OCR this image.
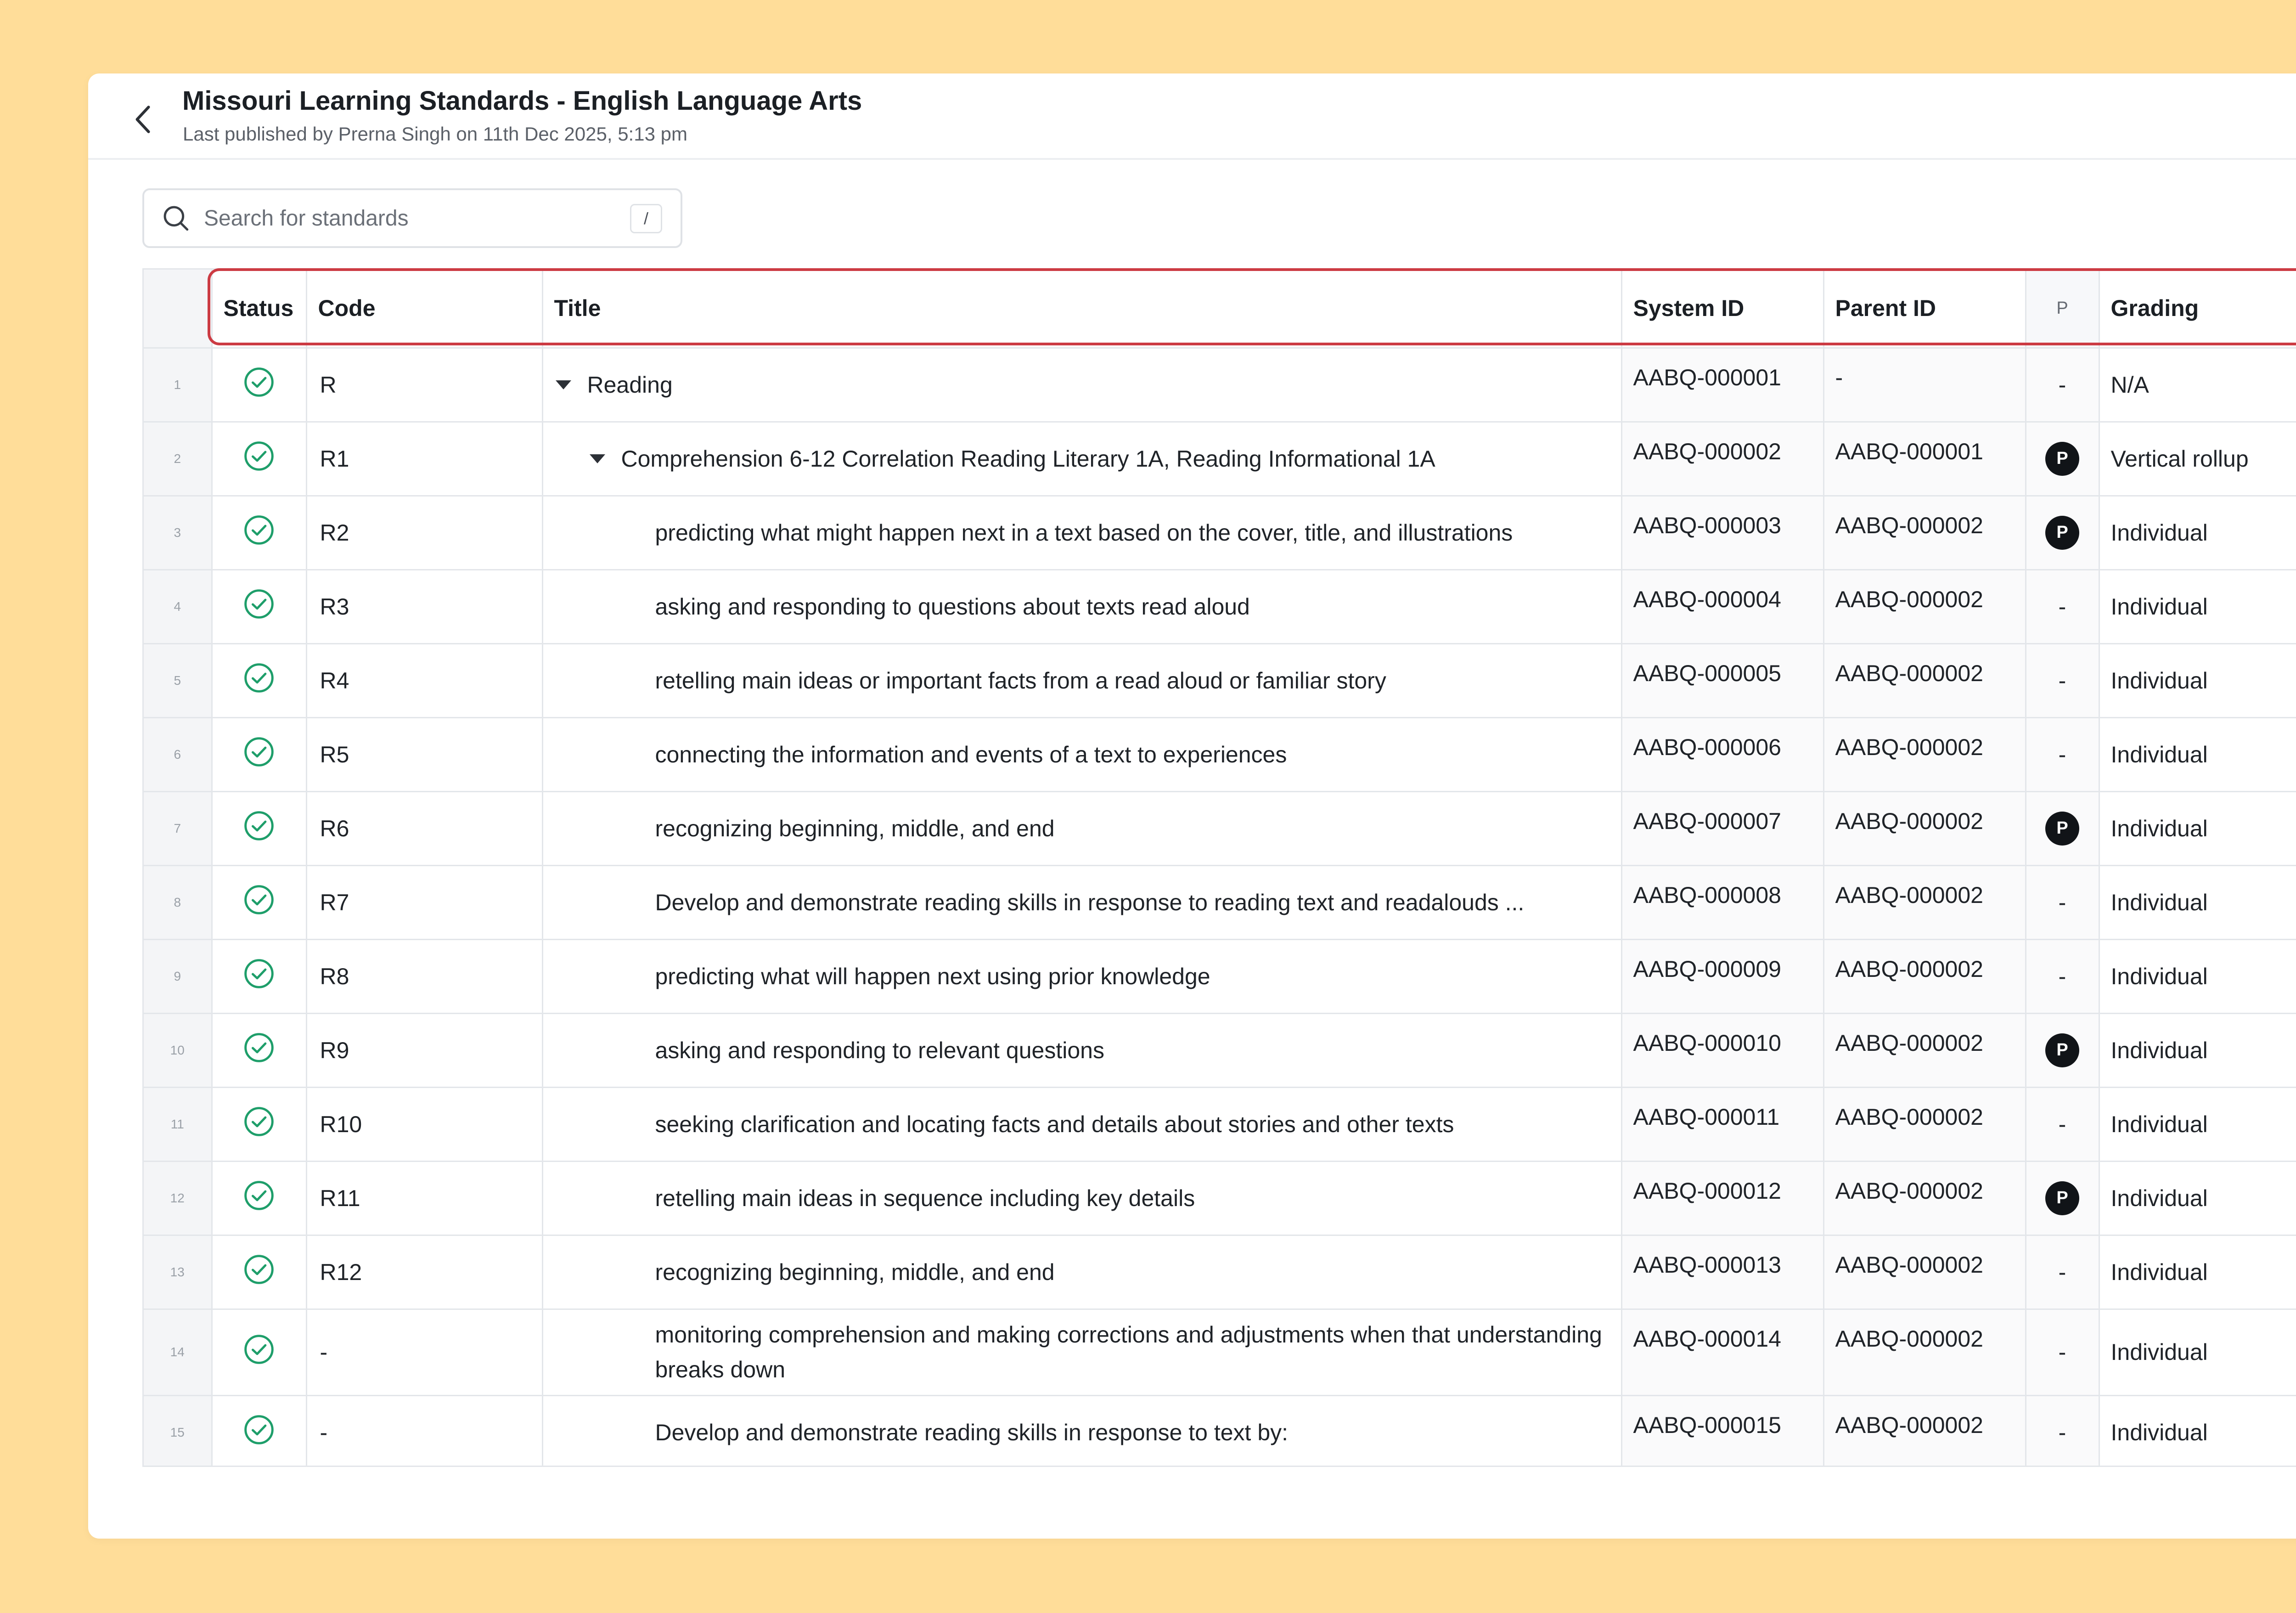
Missouri Learning Standards - English Language Arts
Last published by Prerna Singh on 11th Dec 2025, 5:13 pm
Search for standards
/
	Status	Code	Title	System ID	Parent ID	P	Grading		
1		R	Reading	AABQ-000001	-	-	N/A		
2		R1	Comprehension 6-12 Correlation Reading Literary 1A, Reading Informational 1A	AABQ-000002	AABQ-000001	P	Vertical rollup		
3		R2	predicting what might happen next in a text based on the cover, title, and illustrations	AABQ-000003	AABQ-000002	P	Individual		
4		R3	asking and responding to questions about texts read aloud	AABQ-000004	AABQ-000002	-	Individual		
5		R4	retelling main ideas or important facts from a read aloud or familiar story	AABQ-000005	AABQ-000002	-	Individual		
6		R5	connecting the information and events of a text to experiences	AABQ-000006	AABQ-000002	-	Individual		
7		R6	recognizing beginning, middle, and end	AABQ-000007	AABQ-000002	P	Individual		
8		R7	Develop and demonstrate reading skills in response to reading text and readalouds ...	AABQ-000008	AABQ-000002	-	Individual		
9		R8	predicting what will happen next using prior knowledge	AABQ-000009	AABQ-000002	-	Individual		
10		R9	asking and responding to relevant questions	AABQ-000010	AABQ-000002	P	Individual		
11		R10	seeking clarification and locating facts and details about stories and other texts	AABQ-000011	AABQ-000002	-	Individual		
12		R11	retelling main ideas in sequence including key details	AABQ-000012	AABQ-000002	P	Individual		
13		R12	recognizing beginning, middle, and end	AABQ-000013	AABQ-000002	-	Individual		
14		-	monitoring comprehension and making corrections and adjustments when that understanding breaks down	AABQ-000014	AABQ-000002	-	Individual		
15		-	Develop and demonstrate reading skills in response to text by:	AABQ-000015	AABQ-000002	-	Individual		
